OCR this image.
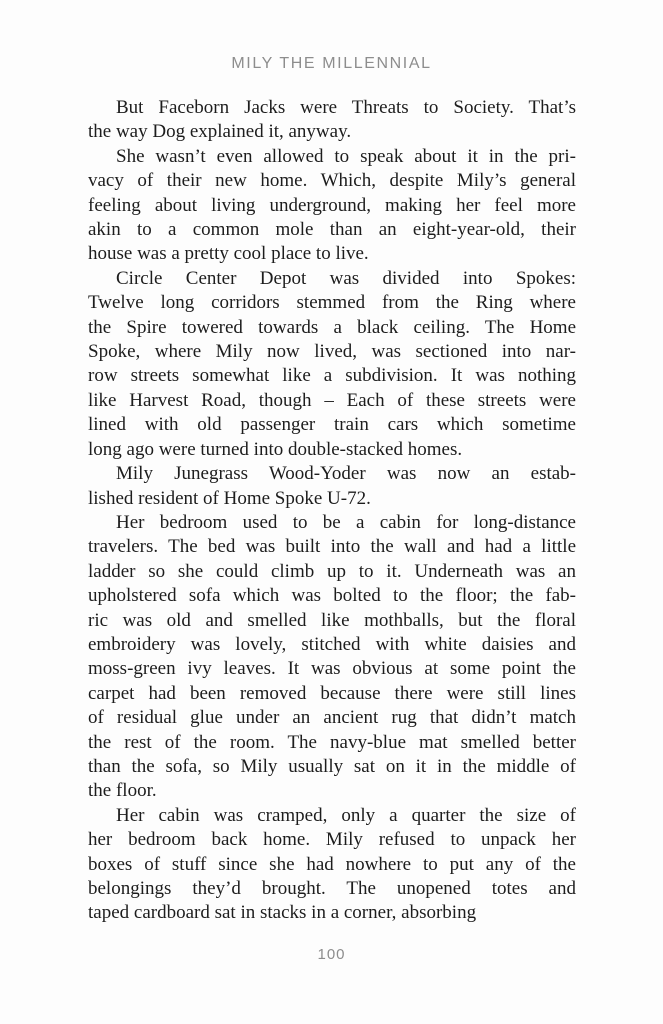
MILY THE MILLENNIAL

But Faceborn Jacks were Threats to Society. That’s
the way Dog explained it, anyway.

She wasn’t even allowed to speak about it in the pri-
vacy of their new home. Which, despite Mily’s general
feeling about living underground, making her feel more
akin to a common mole than an eight-year-old, their
house was a pretty cool place to live.

Circle Center Depot was divided into Spokes:
Twelve long corridors stemmed from the Ring where
the Spire towered towards a black ceiling. The Home
Spoke, where Mily now lived, was sectioned into nar-
row streets somewhat like a subdivision. It was nothing
like Harvest Road, though – Each of these streets were
lined with old passenger train cars which sometime
long ago were turned into double-stacked homes.

Mily Junegrass Wood-Yoder was now an estab-
lished resident of Home Spoke U-72.

Her bedroom used to be a cabin for long-distance
travelers. The bed was built into the wall and had a little
ladder so she could climb up to it. Underneath was an
upholstered sofa which was bolted to the floor; the fab-
ric was old and smelled like mothballs, but the floral
embroidery was lovely, stitched with white daisies and
moss-green ivy leaves. It was obvious at some point the
carpet had been removed because there were still lines
of residual glue under an ancient rug that didn’t match
the rest of the room. The navy-blue mat smelled better
than the sofa, so Mily usually sat on it in the middle of
the floor.

Her cabin was cramped, only a quarter the size of
her bedroom back home. Mily refused to unpack her
boxes of stuff since she had nowhere to put any of the
belongings they’d brought. The unopened totes and
taped cardboard sat in stacks in a corner, absorbing

100
